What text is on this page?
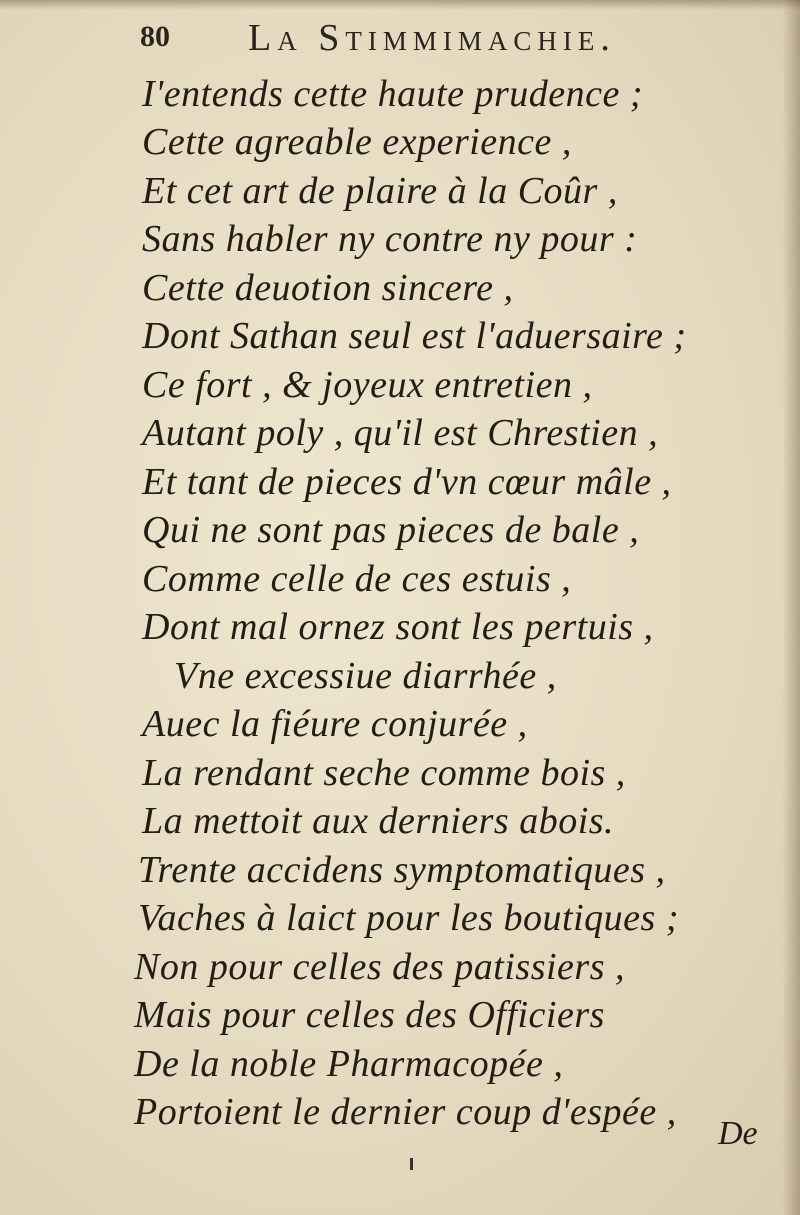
80 La Stimmimachie.
I'entends cette haute prudence ;
Cette agreable experience ,
Et cet art de plaire à la Coûr ,
Sans habler ny contre ny pour :
Cette deuotion sincere ,
Dont Sathan seul est l'aduersaire ;
Ce fort , & joyeux entretien ,
Autant poly , qu'il est Chrestien ,
Et tant de pieces d'vn cœur mâle ,
Qui ne sont pas pieces de bale ,
Comme celle de ces estuis ,
Dont mal ornez sont les pertuis ,
Vne excessiue diarrhée ,
Auec la fiéure conjurée ,
La rendant seche comme bois ,
La mettoit aux derniers abois.
Trente accidens symptomatiques ,
Vaches à laict pour les boutiques ;
Non pour celles des patissiers ,
Mais pour celles des Officiers
De la noble Pharmacopée ,
Portoient le dernier coup d'espée ,
De
